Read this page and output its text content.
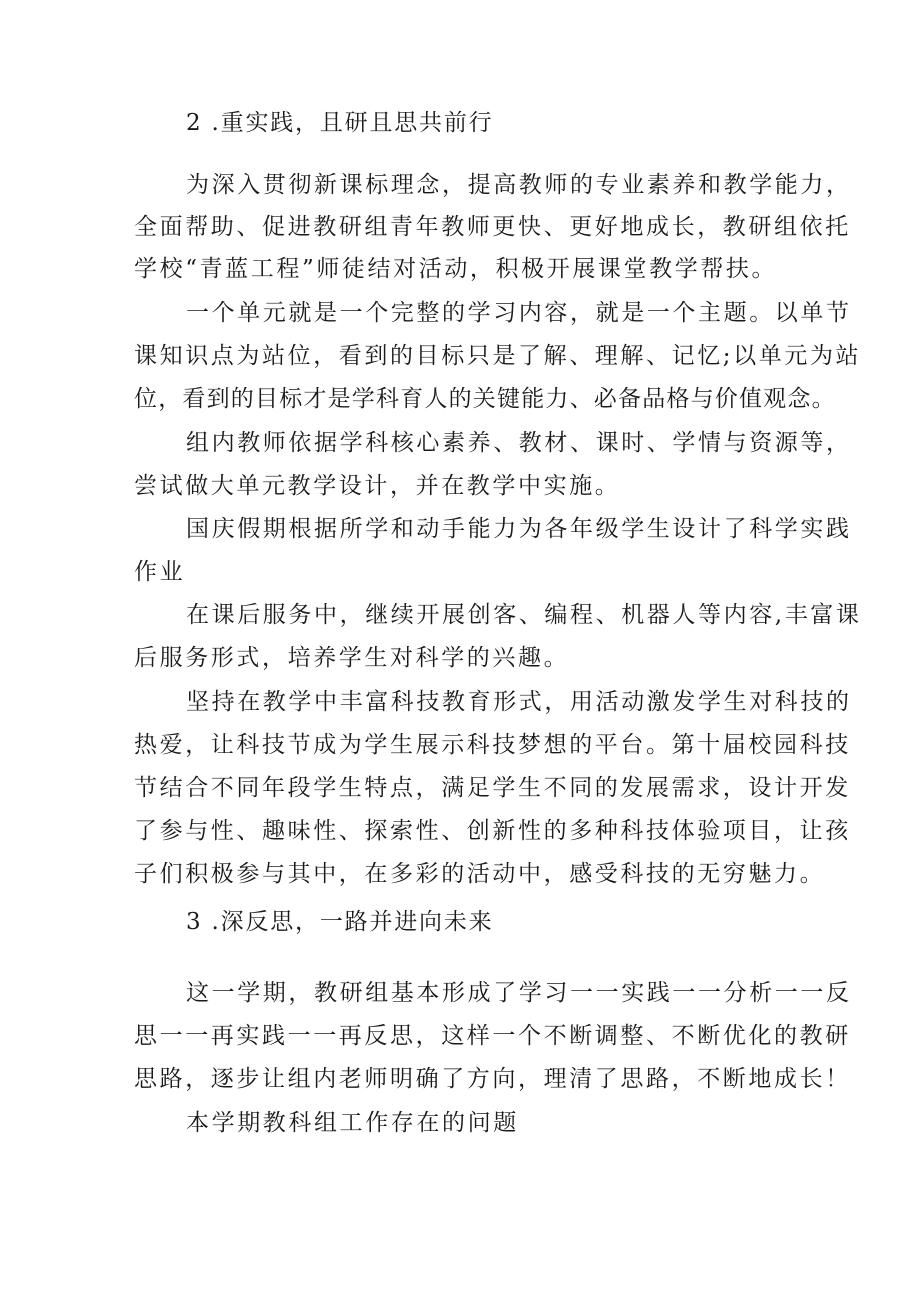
2 .重实践，且研且思共前行
为深入贯彻新课标理念，提高教师的专业素养和教学能力，
全面帮助、促进教研组青年教师更快、更好地成长，教研组依托
学校“青蓝工程”师徒结对活动，积极开展课堂教学帮扶。
一个单元就是一个完整的学习内容，就是一个主题。以单节
课知识点为站位，看到的目标只是了解、理解、记忆;以单元为站
位，看到的目标才是学科育人的关键能力、必备品格与价值观念。
组内教师依据学科核心素养、教材、课时、学情与资源等，
尝试做大单元教学设计，并在教学中实施。
国庆假期根据所学和动手能力为各年级学生设计了科学实践
作业
在课后服务中，继续开展创客、编程、机器人等内容,丰富课
后服务形式，培养学生对科学的兴趣。
坚持在教学中丰富科技教育形式，用活动激发学生对科技的
热爱，让科技节成为学生展示科技梦想的平台。第十届校园科技
节结合不同年段学生特点，满足学生不同的发展需求，设计开发
了参与性、趣味性、探索性、创新性的多种科技体验项目，让孩
子们积极参与其中，在多彩的活动中，感受科技的无穷魅力。
3 .深反思，一路并进向未来
这一学期，教研组基本形成了学习一一实践一一分析一一反
思一一再实践一一再反思，这样一个不断调整、不断优化的教研
思路，逐步让组内老师明确了方向，理清了思路，不断地成长！
本学期教科组工作存在的问题
